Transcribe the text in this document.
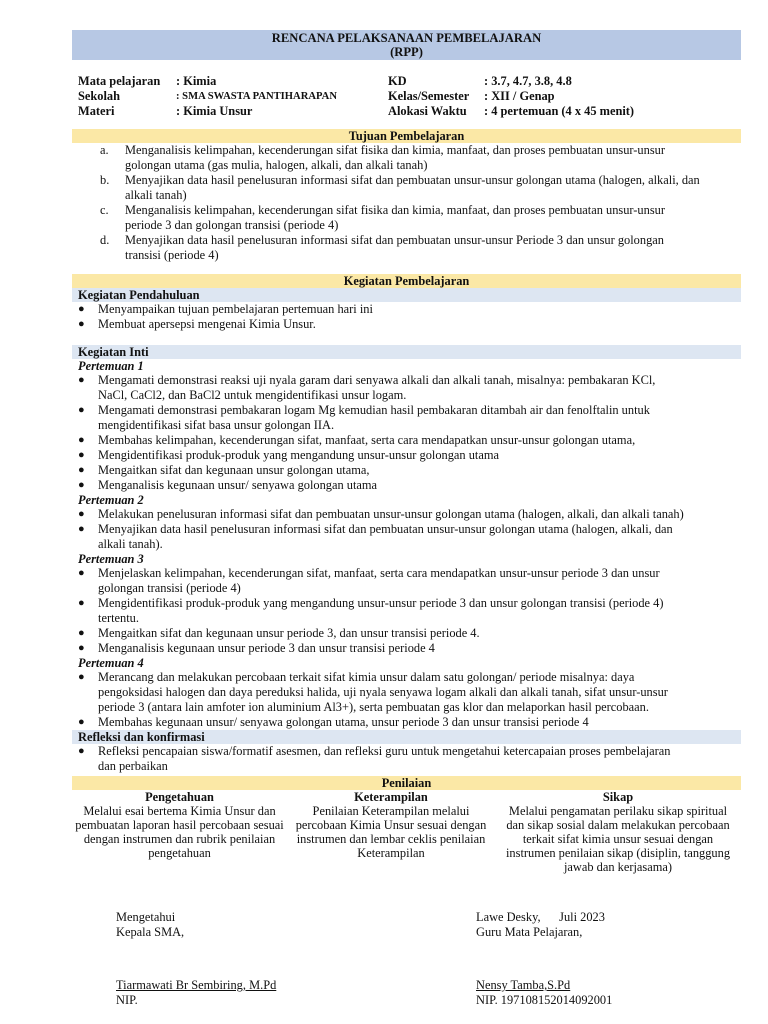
RENCANA PELAKSANAAN PEMBELAJARAN
(RPP)
Mata pelajaran	: Kimia	KD	: 3.7, 4.7, 3.8, 4.8
Sekolah	: SMA SWASTA PANTIHARAPAN	Kelas/Semester	: XII / Genap
Materi	: Kimia Unsur	Alokasi Waktu	: 4 pertemuan (4 x 45 menit)
Tujuan Pembelajaran
a.	Menganalisis kelimpahan, kecenderungan sifat fisika dan kimia, manfaat, dan proses pembuatan unsur-unsur golongan utama (gas mulia, halogen, alkali, dan alkali tanah)
b.	Menyajikan data hasil penelusuran informasi sifat dan pembuatan unsur-unsur golongan utama (halogen, alkali, dan alkali tanah)
c.	Menganalisis kelimpahan, kecenderungan sifat fisika dan kimia, manfaat, dan proses pembuatan unsur-unsur periode 3 dan golongan transisi (periode 4)
d.	Menyajikan data hasil penelusuran informasi sifat dan pembuatan unsur-unsur Periode 3 dan unsur golongan transisi (periode 4)
Kegiatan Pembelajaran
Kegiatan Pendahuluan
●	Menyampaikan tujuan pembelajaran pertemuan hari ini
●	Membuat apersepsi mengenai Kimia Unsur.
Kegiatan Inti
Pertemuan 1
●	Mengamati demonstrasi reaksi uji nyala garam dari senyawa alkali dan alkali tanah, misalnya: pembakaran KCl, NaCl, CaCl2, dan BaCl2 untuk mengidentifikasi unsur logam.
●	Mengamati demonstrasi pembakaran logam Mg kemudian hasil pembakaran ditambah air dan fenolftalin untuk mengidentifikasi sifat basa unsur golongan IIA.
●	Membahas kelimpahan, kecenderungan sifat, manfaat, serta cara mendapatkan unsur-unsur golongan utama,
●	Mengidentifikasi produk-produk yang mengandung unsur-unsur golongan utama
●	Mengaitkan sifat dan kegunaan unsur golongan utama,
●	Menganalisis kegunaan unsur/ senyawa golongan utama
Pertemuan 2
●	Melakukan penelusuran informasi sifat dan pembuatan unsur-unsur golongan utama (halogen, alkali, dan alkali tanah)
●	Menyajikan data hasil penelusuran informasi sifat dan pembuatan unsur-unsur golongan utama (halogen, alkali, dan alkali tanah).
Pertemuan 3
●	Menjelaskan kelimpahan, kecenderungan sifat, manfaat, serta cara mendapatkan unsur-unsur periode 3 dan unsur golongan transisi (periode 4)
●	Mengidentifikasi produk-produk yang mengandung unsur-unsur periode 3 dan unsur golongan transisi (periode 4) tertentu.
●	Mengaitkan sifat dan kegunaan unsur periode 3, dan unsur transisi periode 4.
●	Menganalisis kegunaan unsur periode 3 dan unsur transisi periode 4
Pertemuan 4
●	Merancang dan melakukan percobaan terkait sifat kimia unsur dalam satu golongan/ periode misalnya: daya pengoksidasi halogen dan daya pereduksi halida, uji nyala senyawa logam alkali dan alkali tanah, sifat unsur-unsur periode 3 (antara lain amfoter ion aluminium Al3+), serta pembuatan gas klor dan melaporkan hasil percobaan.
●	Membahas kegunaan unsur/ senyawa golongan utama, unsur periode 3 dan unsur transisi periode 4
Refleksi dan konfirmasi
●	Refleksi pencapaian siswa/formatif asesmen, dan refleksi guru untuk mengetahui ketercapaian proses pembelajaran dan perbaikan
Penilaian
Pengetahuan
Melalui esai bertema Kimia Unsur dan pembuatan laporan hasil percobaan sesuai dengan instrumen dan rubrik penilaian pengetahuan
Keterampilan
Penilaian Keterampilan melalui percobaan Kimia Unsur sesuai dengan instrumen dan lembar ceklis penilaian Keterampilan
Sikap
Melalui pengamatan perilaku sikap spiritual dan sikap sosial dalam melakukan percobaan terkait sifat kimia unsur sesuai dengan instrumen penilaian sikap (disiplin, tanggung jawab dan kerjasama)
Mengetahui
Kepala SMA,
Tiarmawati Br Sembiring, M.Pd
NIP.
Lawe Desky,      Juli 2023
Guru Mata Pelajaran,
Nensy Tamba,S.Pd
NIP. 197108152014092001
